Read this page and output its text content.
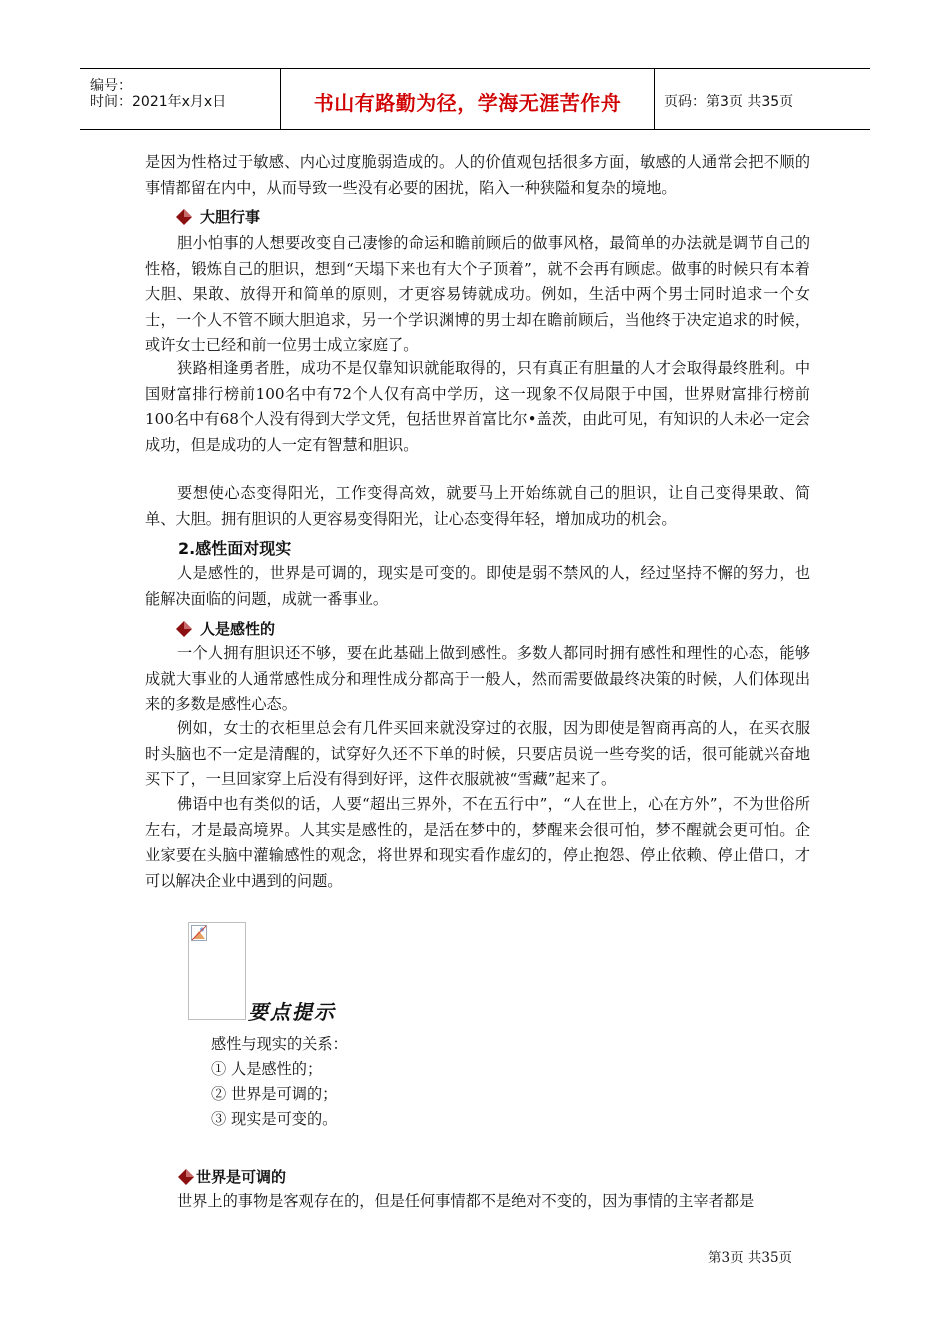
编号：
时间：2021年x月x日	书山有路勤为径，学海无涯苦作舟	页码：第3页 共35页
是因为性格过于敏感、内心过度脆弱造成的。人的价值观包括很多方面，敏感的人通常会把不顺的事情都留在内中，从而导致一些没有必要的困扰，陷入一种狭隘和复杂的境地。
大胆行事
胆小怕事的人想要改变自己凄惨的命运和瞻前顾后的做事风格，最简单的办法就是调节自己的性格，锻炼自己的胆识，想到“天塌下来也有大个子顶着”，就不会再有顾虑。做事的时候只有本着大胆、果敢、放得开和简单的原则，才更容易铸就成功。例如，生活中两个男士同时追求一个女士，一个人不管不顾大胆追求，另一个学识渊博的男士却在瞻前顾后，当他终于决定追求的时候，或许女士已经和前一位男士成立家庭了。
狭路相逢勇者胜，成功不是仅靠知识就能取得的，只有真正有胆量的人才会取得最终胜利。中国财富排行榜前100名中有72个人仅有高中学历，这一现象不仅局限于中国，世界财富排行榜前100名中有68个人没有得到大学文凭，包括世界首富比尔•盖茨，由此可见，有知识的人未必一定会成功，但是成功的人一定有智慧和胆识。
要想使心态变得阳光，工作变得高效，就要马上开始练就自己的胆识，让自己变得果敢、简单、大胆。拥有胆识的人更容易变得阳光，让心态变得年轻，增加成功的机会。
2.感性面对现实
人是感性的，世界是可调的，现实是可变的。即使是弱不禁风的人，经过坚持不懈的努力，也能解决面临的问题，成就一番事业。
人是感性的
一个人拥有胆识还不够，要在此基础上做到感性。多数人都同时拥有感性和理性的心态，能够成就大事业的人通常感性成分和理性成分都高于一般人，然而需要做最终决策的时候，人们体现出来的多数是感性心态。
例如，女士的衣柜里总会有几件买回来就没穿过的衣服，因为即使是智商再高的人，在买衣服时头脑也不一定是清醒的，试穿好久还不下单的时候，只要店员说一些夸奖的话，很可能就兴奋地买下了，一旦回家穿上后没有得到好评，这件衣服就被“雪藏”起来了。
佛语中也有类似的话，人要“超出三界外，不在五行中”，“人在世上，心在方外”，不为世俗所左右，才是最高境界。人其实是感性的，是活在梦中的，梦醒来会很可怕，梦不醒就会更可怕。企业家要在头脑中灌输感性的观念，将世界和现实看作虚幻的，停止抱怨、停止依赖、停止借口，才可以解决企业中遇到的问题。
要点提示
感性与现实的关系：
① 人是感性的；
② 世界是可调的；
③ 现实是可变的。
世界是可调的
世界上的事物是客观存在的，但是任何事情都不是绝对不变的，因为事情的主宰者都是
第3页 共35页
